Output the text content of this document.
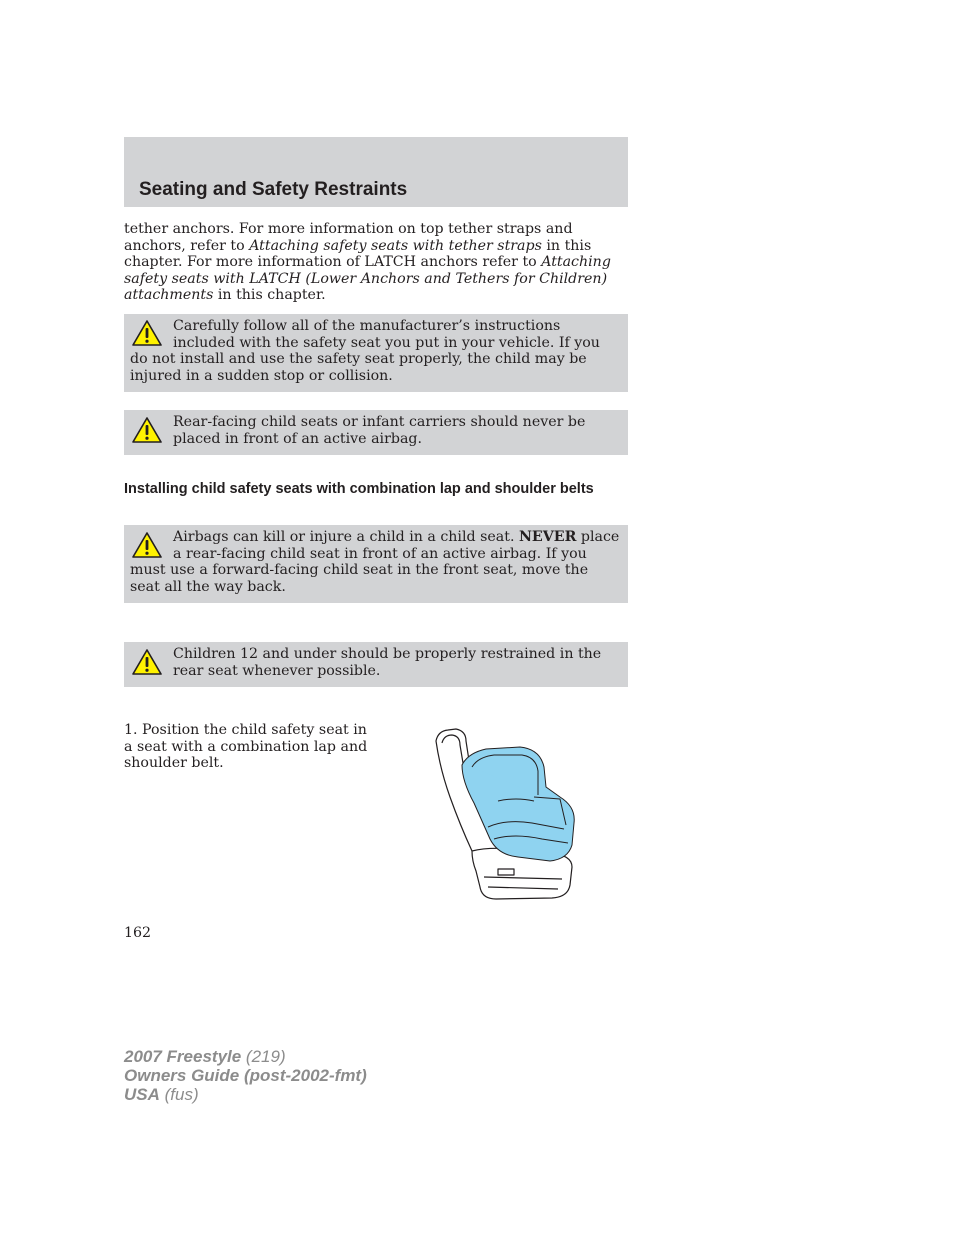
Seating and Safety Restraints

tether anchors. For more information on top tether straps and anchors, refer to Attaching safety seats with tether straps in this chapter. For more information of LATCH anchors refer to Attaching safety seats with LATCH (Lower Anchors and Tethers for Children) attachments in this chapter.

Carefully follow all of the manufacturer’s instructions included with the safety seat you put in your vehicle. If you do not install and use the safety seat properly, the child may be injured in a sudden stop or collision.

Rear-facing child seats or infant carriers should never be placed in front of an active airbag.

Installing child safety seats with combination lap and shoulder belts

Airbags can kill or injure a child in a child seat. NEVER place a rear-facing child seat in front of an active airbag. If you must use a forward-facing child seat in the front seat, move the seat all the way back.

Children 12 and under should be properly restrained in the rear seat whenever possible.

1. Position the child safety seat in a seat with a combination lap and shoulder belt.

162

2007 Freestyle (219)
Owners Guide (post-2002-fmt)
USA (fus)
